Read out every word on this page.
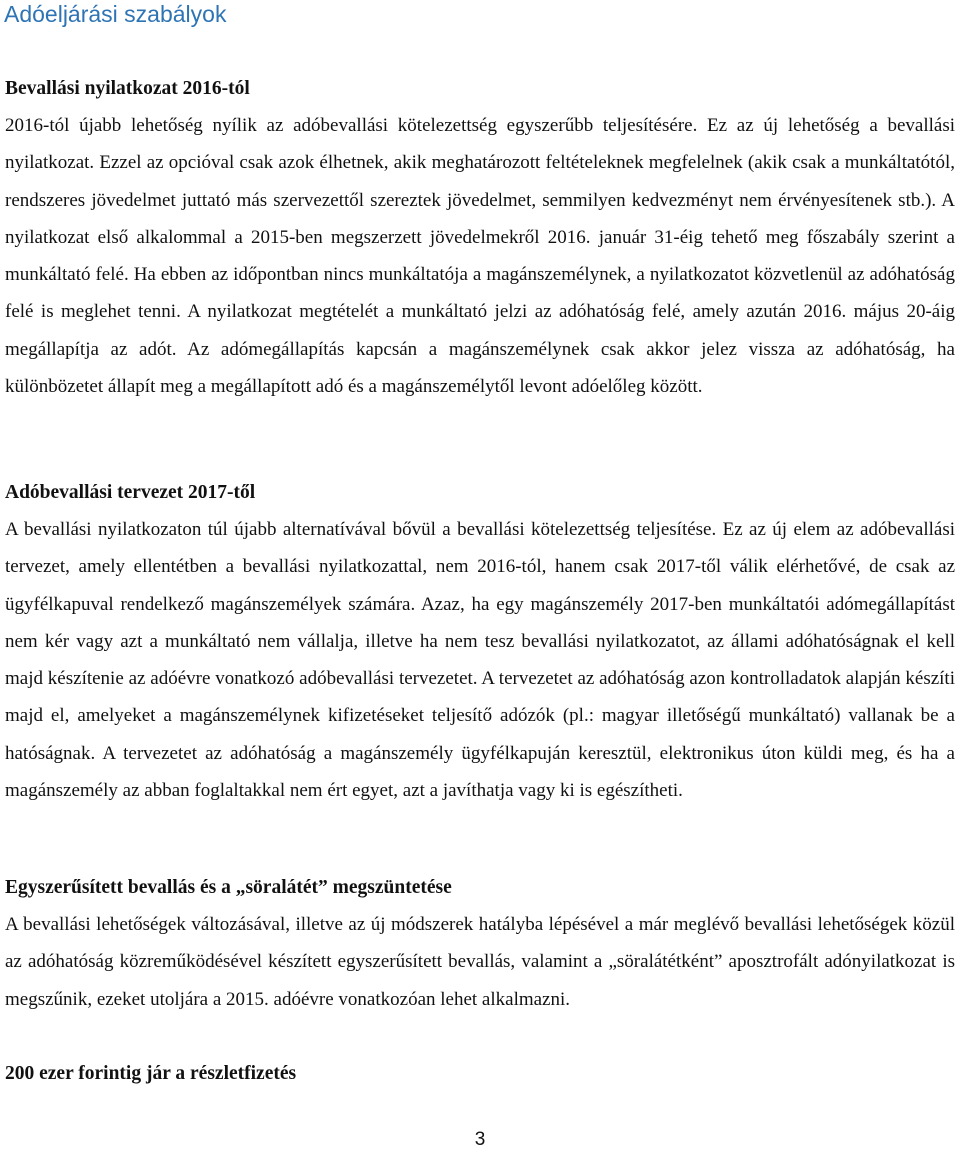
Adóeljárási szabályok
Bevallási nyilatkozat 2016-tól

2016-tól újabb lehetőség nyílik az adóbevallási kötelezettség egyszerűbb teljesítésére. Ez az új lehetőség a bevallási nyilatkozat. Ezzel az opcióval csak azok élhetnek, akik meghatározott feltételeknek megfelelnek (akik csak a munkáltatótól, rendszeres jövedelmet juttató más szervezettől szereztek jövedelmet, semmilyen kedvezményt nem érvényesítenek stb.). A nyilatkozat első alkalommal a 2015-ben megszerzett jövedelmekről 2016. január 31-éig tehető meg főszabály szerint a munkáltató felé. Ha ebben az időpontban nincs munkáltatója a magánszemélynek, a nyilatkozatot közvetlenül az adóhatóság felé is meglehet tenni. A nyilatkozat megtételét a munkáltató jelzi az adóhatóság felé, amely azután 2016. május 20-áig megállapítja az adót. Az adómegállapítás kapcsán a magánszemélynek csak akkor jelez vissza az adóhatóság, ha különbözetet állapít meg a megállapított adó és a magánszemélytől levont adóelőleg között.

Adóbevallási tervezet 2017-től

A bevallási nyilatkozaton túl újabb alternatívával bővül a bevallási kötelezettség teljesítése. Ez az új elem az adóbevallási tervezet, amely ellentétben a bevallási nyilatkozattal, nem 2016-tól, hanem csak 2017-től válik elérhetővé, de csak az ügyfélkapuval rendelkező magánszemélyek számára. Azaz, ha egy magánszemély 2017-ben munkáltatói adómegállapítást nem kér vagy azt a munkáltató nem vállalja, illetve ha nem tesz bevallási nyilatkozatot, az állami adóhatóságnak el kell majd készítenie az adóévre vonatkozó adóbevallási tervezetet. A tervezetet az adóhatóság azon kontrolladatok alapján készíti majd el, amelyeket a magánszemélynek kifizetéseket teljesítő adózók (pl.: magyar illetőségű munkáltató) vallanak be a hatóságnak. A tervezetet az adóhatóság a magánszemély ügyfélkapuján keresztül, elektronikus úton küldi meg, és ha a magánszemély az abban foglaltakkal nem ért egyet, azt a javíthatja vagy ki is egészítheti.

Egyszerűsített bevallás és a „söralátét” megszüntetése

A bevallási lehetőségek változásával, illetve az új módszerek hatályba lépésével a már meglévő bevallási lehetőségek közül az adóhatóság közreműködésével készített egyszerűsített bevallás, valamint a „söralátétként” aposztrofált adónyilatkozat is megszűnik, ezeket utoljára a 2015. adóévre vonatkozóan lehet alkalmazni.

200 ezer forintig jár a részletfizetés
3
